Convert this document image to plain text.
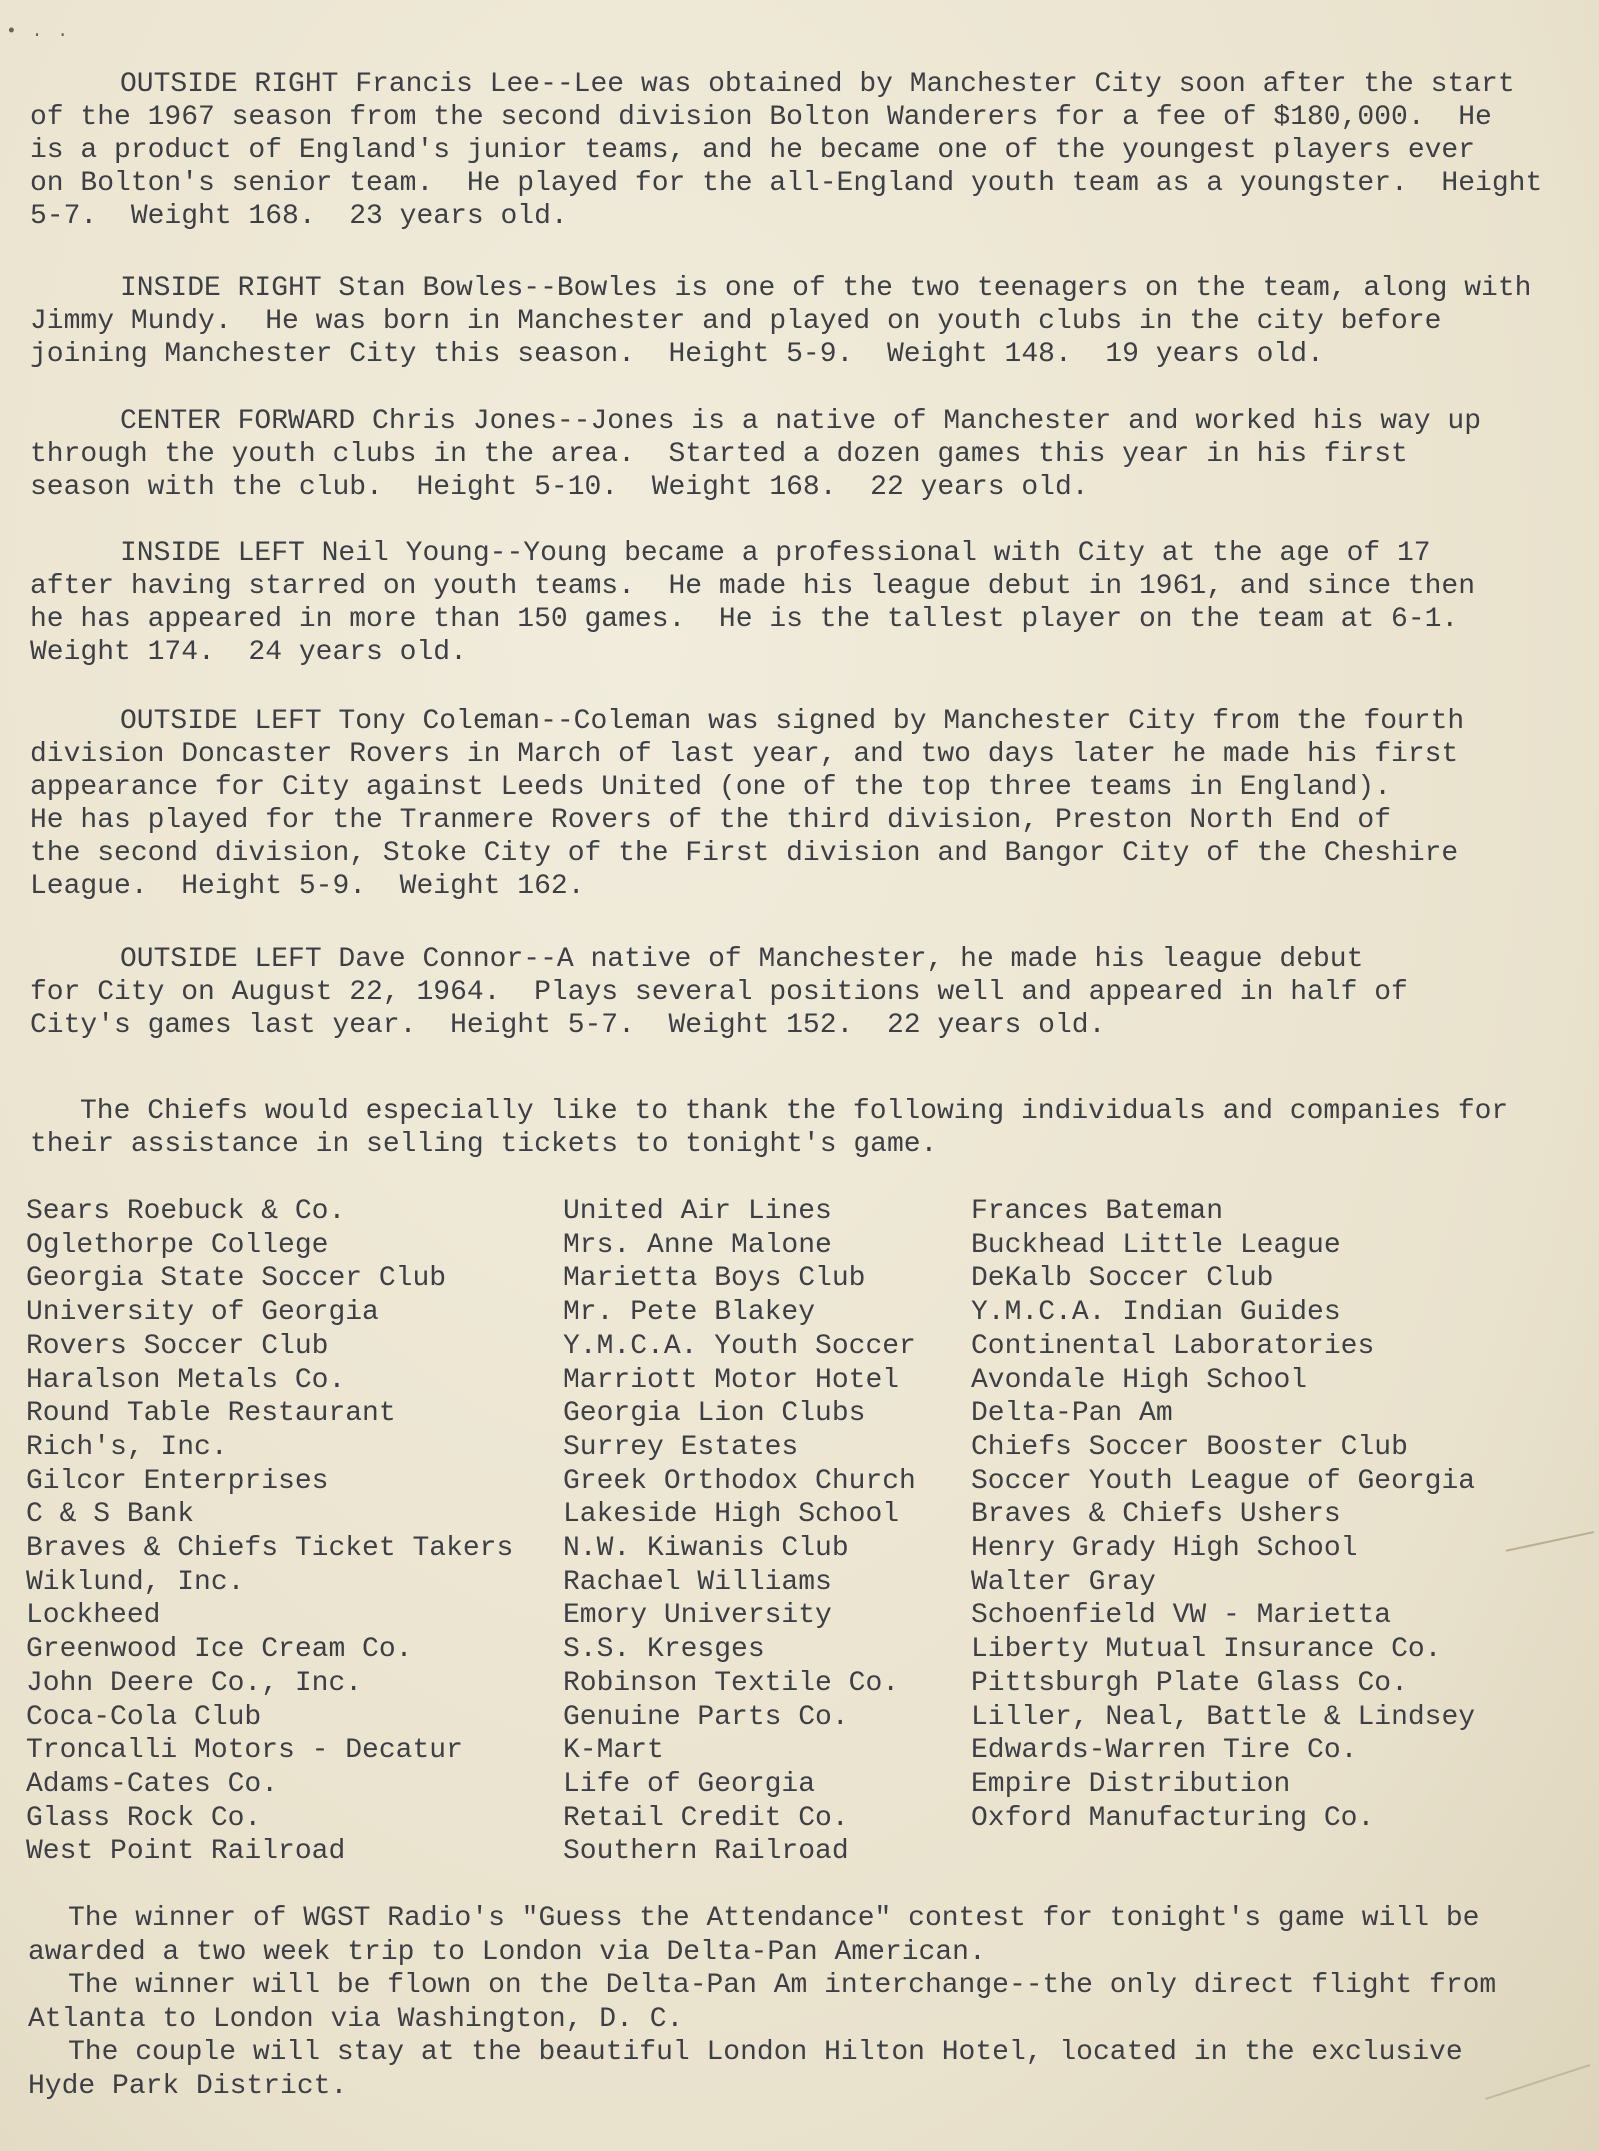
• . .

OUTSIDE RIGHT Francis Lee--Lee was obtained by Manchester City soon after the start

of the 1967 season from the second division Bolton Wanderers for a fee of $180,000.  He

is a product of England's junior teams, and he became one of the youngest players ever

on Bolton's senior team.  He played for the all-England youth team as a youngster.  Height

5-7.  Weight 168.  23 years old.

INSIDE RIGHT Stan Bowles--Bowles is one of the two teenagers on the team, along with

Jimmy Mundy.  He was born in Manchester and played on youth clubs in the city before

joining Manchester City this season.  Height 5-9.  Weight 148.  19 years old.

CENTER FORWARD Chris Jones--Jones is a native of Manchester and worked his way up

through the youth clubs in the area.  Started a dozen games this year in his first

season with the club.  Height 5-10.  Weight 168.  22 years old.

INSIDE LEFT Neil Young--Young became a professional with City at the age of 17

after having starred on youth teams.  He made his league debut in 1961, and since then

he has appeared in more than 150 games.  He is the tallest player on the team at 6-1.

Weight 174.  24 years old.

OUTSIDE LEFT Tony Coleman--Coleman was signed by Manchester City from the fourth

division Doncaster Rovers in March of last year, and two days later he made his first

appearance for City against Leeds United (one of the top three teams in England).

He has played for the Tranmere Rovers of the third division, Preston North End of

the second division, Stoke City of the First division and Bangor City of the Cheshire

League.  Height 5-9.  Weight 162.

OUTSIDE LEFT Dave Connor--A native of Manchester, he made his league debut

for City on August 22, 1964.  Plays several positions well and appeared in half of

City's games last year.  Height 5-7.  Weight 152.  22 years old.

The Chiefs would especially like to thank the following individuals and companies for

their assistance in selling tickets to tonight's game.

Sears Roebuck & Co.
Oglethorpe College
Georgia State Soccer Club
University of Georgia
Rovers Soccer Club
Haralson Metals Co.
Round Table Restaurant
Rich's, Inc.
Gilcor Enterprises
C & S Bank
Braves & Chiefs Ticket Takers
Wiklund, Inc.
Lockheed
Greenwood Ice Cream Co.
John Deere Co., Inc.
Coca-Cola Club
Troncalli Motors - Decatur
Adams-Cates Co.
Glass Rock Co.
West Point Railroad
United Air Lines
Mrs. Anne Malone
Marietta Boys Club
Mr. Pete Blakey
Y.M.C.A. Youth Soccer
Marriott Motor Hotel
Georgia Lion Clubs
Surrey Estates
Greek Orthodox Church
Lakeside High School
N.W. Kiwanis Club
Rachael Williams
Emory University
S.S. Kresges
Robinson Textile Co.
Genuine Parts Co.
K-Mart
Life of Georgia
Retail Credit Co.
Southern Railroad
Frances Bateman
Buckhead Little League
DeKalb Soccer Club
Y.M.C.A. Indian Guides
Continental Laboratories
Avondale High School
Delta-Pan Am
Chiefs Soccer Booster Club
Soccer Youth League of Georgia
Braves & Chiefs Ushers
Henry Grady High School
Walter Gray
Schoenfield VW - Marietta
Liberty Mutual Insurance Co.
Pittsburgh Plate Glass Co.
Liller, Neal, Battle & Lindsey
Edwards-Warren Tire Co.
Empire Distribution
Oxford Manufacturing Co.

The winner of WGST Radio's "Guess the Attendance" contest for tonight's game will be

awarded a two week trip to London via Delta-Pan American.

The winner will be flown on the Delta-Pan Am interchange--the only direct flight from

Atlanta to London via Washington, D. C.

The couple will stay at the beautiful London Hilton Hotel, located in the exclusive

Hyde Park District.
